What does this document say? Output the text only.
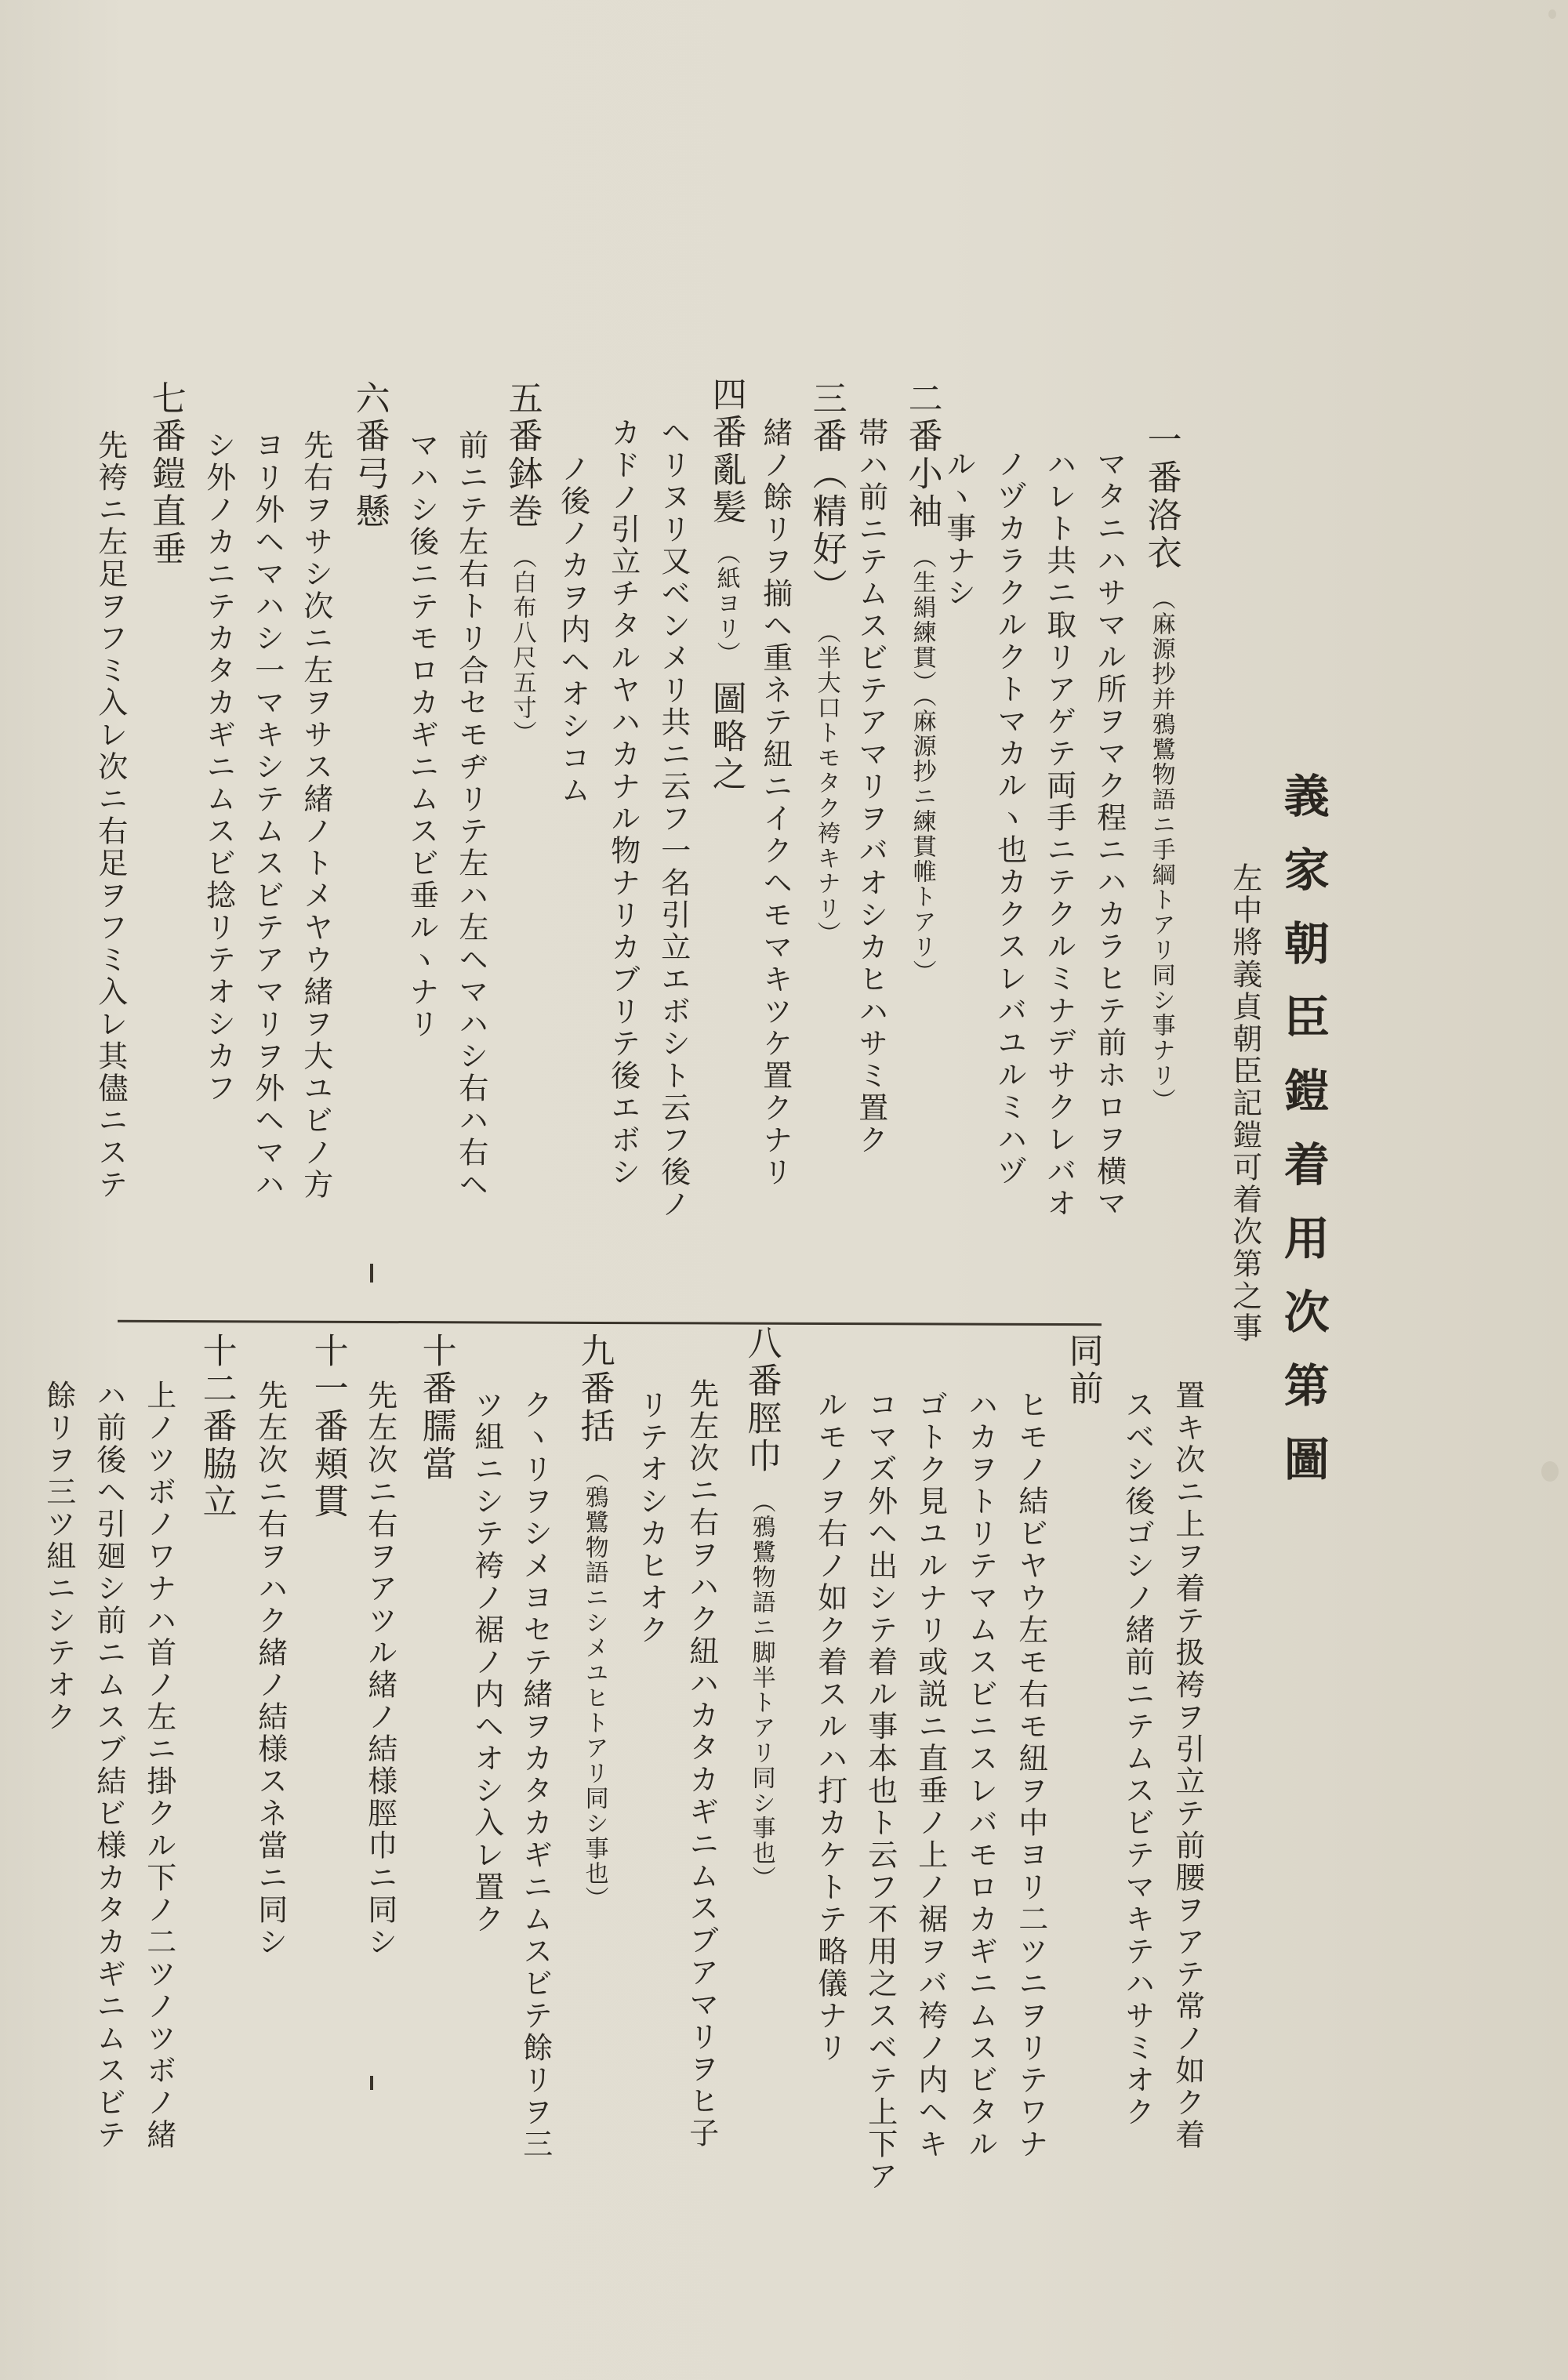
義家朝臣鎧着用次第圖
左中將義貞朝臣記鎧可着次第之事
一番洛衣 （麻源抄并鴉鷺物語ニ手綱トアリ同シ事ナリ）
マタニハサマル所ヲマク程ニハカラヒテ前ホロヲ横マ
ハレト共ニ取リアゲテ両手ニテクルミナデサクレバオ
ノヅカラクルクトマカルヽ也カクスレバユルミハヅ
ルヽ事ナシ
二番小袖 （生絹練貫）（麻源抄ニ練貫帷トアリ）
帯ハ前ニテムスビテアマリヲバオシカヒハサミ置ク
三番（精好） （半大口トモタク袴キナリ）
緒ノ餘リヲ揃ヘ重ネテ紐ニイクヘモマキツケ置クナリ
四番亂髪 （紙ヨリ） 圖略之
ヘリヌリ又ベンメリ共ニ云フ一名引立エボシト云フ後ノ
カドノ引立チタルヤハカナル物ナリカブリテ後エボシ
ノ後ノカヲ内ヘオシコム
五番鉢巻 （白布八尺五寸）
前ニテ左右トリ合セモヂリテ左ハ左ヘマハシ右ハ右ヘ
マハシ後ニテモロカギニムスビ垂ルヽナリ
六番弓懸
先右ヲサシ次ニ左ヲサス緒ノトメヤウ緒ヲ大ユビノ方
ヨリ外ヘマハシ一マキシテムスビテアマリヲ外ヘマハ
シ外ノカニテカタカギニムスビ捻リテオシカフ
七番鎧直垂
先袴ニ左足ヲフミ入レ次ニ右足ヲフミ入レ其儘ニステ
同前
置キ次ニ上ヲ着テ扱袴ヲ引立テ前腰ヲアテ常ノ如ク着
スベシ後ゴシノ緒前ニテムスビテマキテハサミオク
ヒモノ結ビヤウ左モ右モ紐ヲ中ヨリ二ツニヲリテワナ
ハカヲトリテマムスビニスレバモロカギニムスビタル
ゴトク見ユルナリ或説ニ直垂ノ上ノ裾ヲバ袴ノ内ヘキ
コマズ外ヘ出シテ着ル事本也ト云フ不用之スベテ上下ア
ルモノヲ右ノ如ク着スルハ打カケトテ略儀ナリ
八番脛巾 （鴉鷺物語ニ脚半トアリ同シ事也）
先左次ニ右ヲハク紐ハカタカギニムスブアマリヲヒ子
リテオシカヒオク
九番括 （鴉鷺物語ニシメユヒトアリ同シ事也）
クヽリヲシメヨセテ緒ヲカタカギニムスビテ餘リヲ三
ツ組ニシテ袴ノ裾ノ内ヘオシ入レ置ク
十番臑當
先左次ニ右ヲアツル緒ノ結様脛巾ニ同シ
十一番頬貫
先左次ニ右ヲハク緒ノ結様スネ當ニ同シ
十二番脇立
上ノツボノワナハ首ノ左ニ掛クル下ノ二ツノツボノ緒
ハ前後ヘ引廻シ前ニムスブ結ビ様カタカギニムスビテ
餘リヲ三ツ組ニシテオク
